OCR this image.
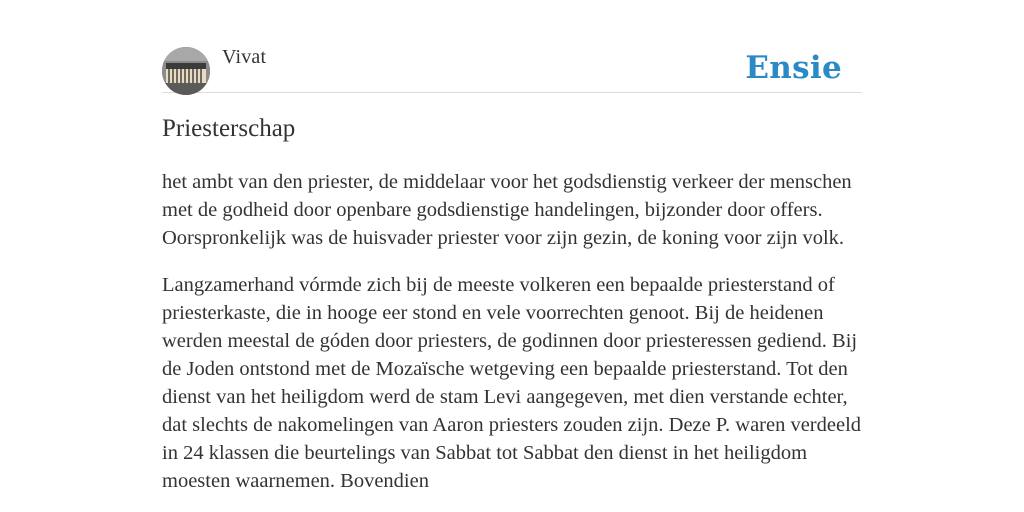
Vivat	Ensie
Priesterschap

het ambt van den priester, de middelaar voor het godsdienstig verkeer der menschen met de godheid door openbare godsdienstige handelingen, bijzonder door offers. Oorspronkelijk was de huisvader priester voor zijn gezin, de koning voor zijn volk.

Langzamerhand vórmde zich bij de meeste volkeren een bepaalde priesterstand of priesterkaste, die in hooge eer stond en vele voorrechten genoot. Bij de heidenen werden meestal de góden door priesters, de godinnen door priesteressen gediend. Bij de Joden ontstond met de Mozaïsche wetgeving een bepaalde priesterstand. Tot den dienst van het heiligdom werd de stam Levi aangegeven, met dien verstande echter, dat slechts de nakomelingen van Aaron priesters zouden zijn. Deze P. waren verdeeld in 24 klassen die beurtelings van Sabbat tot Sabbat den dienst in het heiligdom moesten waarnemen. Bovendien
